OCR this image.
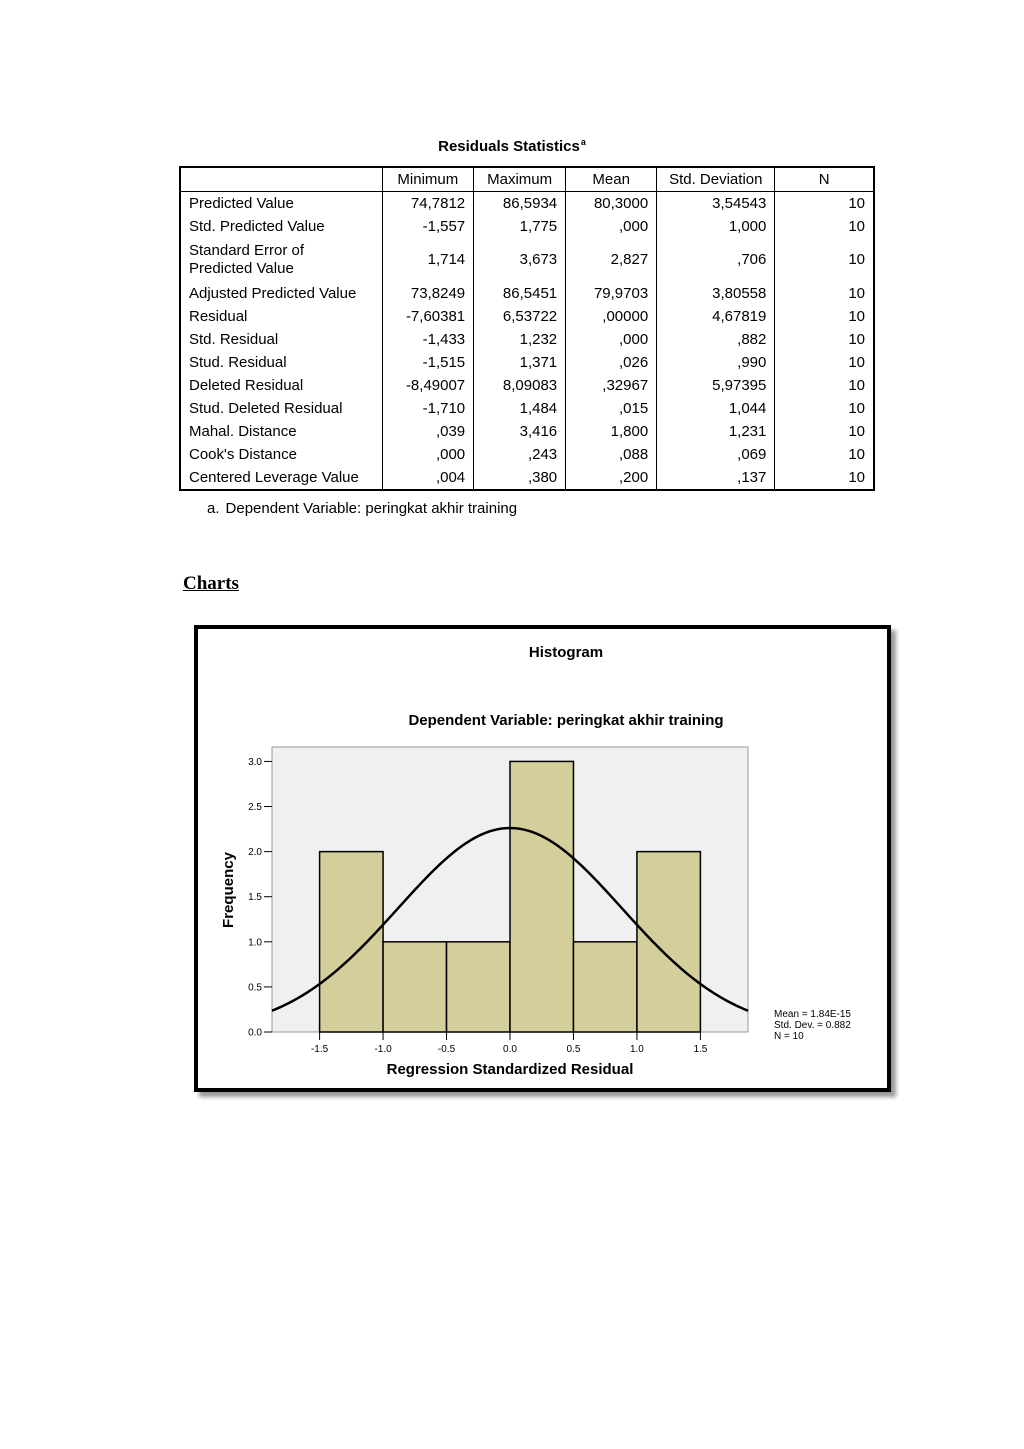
Residuals Statistics$^a$
	Minimum	Maximum	Mean	Std. Deviation	N
Predicted Value	74,7812	86,5934	80,3000	3,54543	10
Std. Predicted Value	-1,557	1,775	,000	1,000	10
Standard Error of
Predicted Value	1,714	3,673	2,827	,706	10
Adjusted Predicted Value	73,8249	86,5451	79,9703	3,80558	10
Residual	-7,60381	6,53722	,00000	4,67819	10
Std. Residual	-1,433	1,232	,000	,882	10
Stud. Residual	-1,515	1,371	,026	,990	10
Deleted Residual	-8,49007	8,09083	,32967	5,97395	10
Stud. Deleted Residual	-1,710	1,484	,015	1,044	10
Mahal. Distance	,039	3,416	1,800	1,231	10
Cook's Distance	,000	,243	,088	,069	10
Centered Leverage Value	,004	,380	,200	,137	10
a. Dependent Variable: peringkat akhir training
Charts
Histogram
Dependent Variable: peringkat akhir training
0.0
0.5
1.0
1.5
2.0
2.5
3.0
-1.5	-1.0	-0.5	0.0	0.5	1.0	1.5
Regression Standardized Residual
Frequency
Mean = 1.84E-15
Std. Dev. = 0.882
N = 10
